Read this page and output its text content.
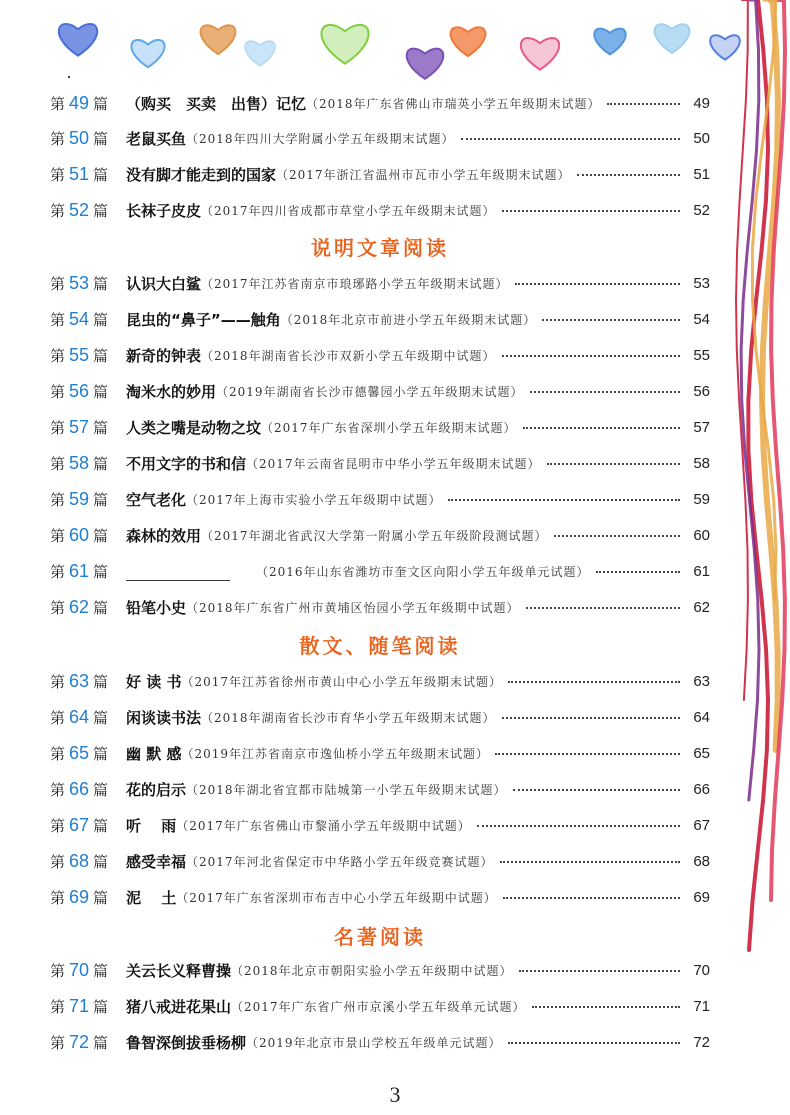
第 49 篇 （购买　买卖　出售）记忆 （2018年广东省佛山市瑞英小学五年级期末试题）	49
第 50 篇 老鼠买鱼 （2018年四川大学附属小学五年级期末试题）	50
第 51 篇 没有脚才能走到的国家 （2017年浙江省温州市瓦市小学五年级期末试题）	51
第 52 篇 长袜子皮皮 （2017年四川省成都市草堂小学五年级期末试题）	52
第 53 篇 认识大白鲨 （2017年江苏省南京市琅琊路小学五年级期末试题）	53
第 54 篇 昆虫的“鼻子”——触角 （2018年北京市前进小学五年级期末试题）	54
第 55 篇 新奇的钟表 （2018年湖南省长沙市双新小学五年级期中试题）	55
第 56 篇 淘米水的妙用 （2019年湖南省长沙市德馨园小学五年级期末试题）	56
第 57 篇 人类之嘴是动物之坟 （2017年广东省深圳小学五年级期末试题）	57
第 58 篇 不用文字的书和信 （2017年云南省昆明市中华小学五年级期末试题）	58
第 59 篇 空气老化 （2017年上海市实验小学五年级期中试题）	59
第 60 篇 森林的效用 （2017年湖北省武汉大学第一附属小学五年级阶段测试题）	60
第 61 篇	（2016年山东省潍坊市奎文区向阳小学五年级单元试题）	61
第 62 篇 铅笔小史 （2018年广东省广州市黄埔区怡园小学五年级期中试题）	62
第 63 篇 好 读 书 （2017年江苏省徐州市黄山中心小学五年级期末试题）	63
第 64 篇 闲谈读书法 （2018年湖南省长沙市育华小学五年级期末试题）	64
第 65 篇 幽 默 感 （2019年江苏省南京市逸仙桥小学五年级期末试题）	65
第 66 篇 花的启示 （2018年湖北省宜都市陆城第一小学五年级期末试题）	66
第 67 篇 听　 雨 （2017年广东省佛山市黎涌小学五年级期中试题）	67
第 68 篇 感受幸福 （2017年河北省保定市中华路小学五年级竞赛试题）	68
第 69 篇 泥　 土 （2017年广东省深圳市布吉中心小学五年级期中试题）	69
第 70 篇 关云长义释曹操 （2018年北京市朝阳实验小学五年级期中试题）	70
第 71 篇 猪八戒进花果山 （2017年广东省广州市京溪小学五年级单元试题）	71
第 72 篇 鲁智深倒拔垂杨柳 （2019年北京市景山学校五年级单元试题）	72
说明文章阅读
散文、随笔阅读
名著阅读
3
